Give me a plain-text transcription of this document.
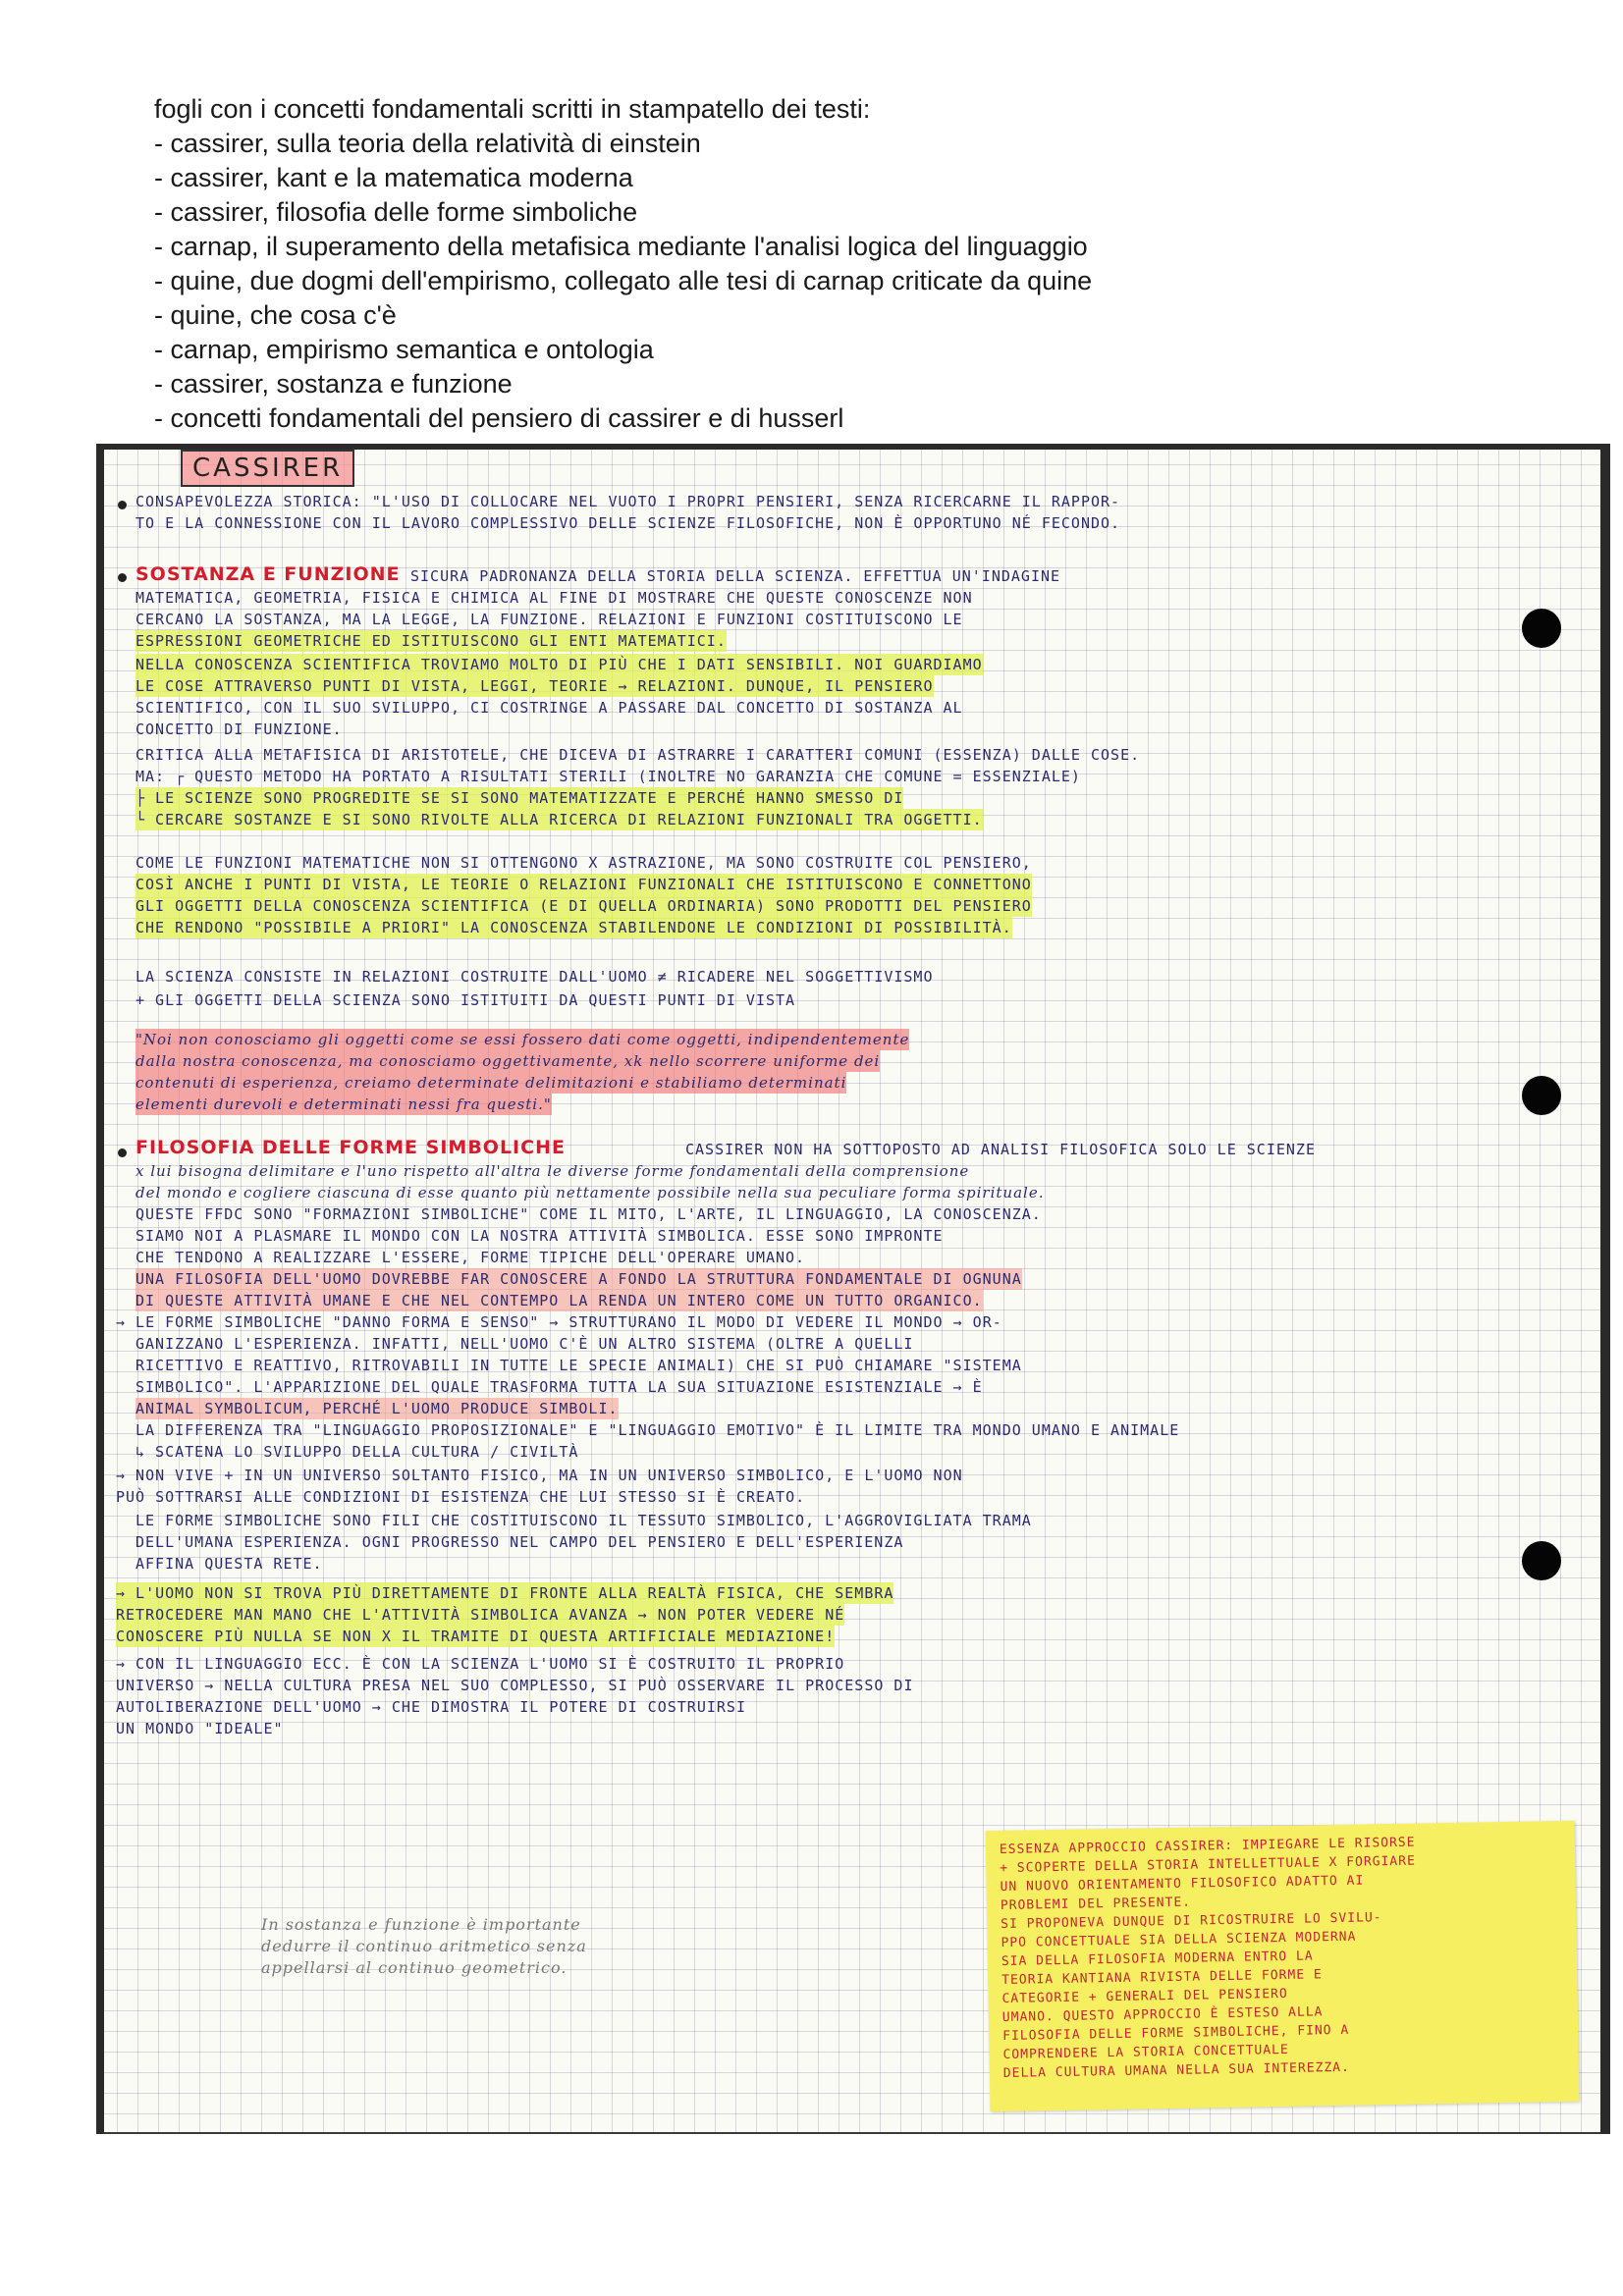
fogli con i concetti fondamentali scritti in stampatello dei testi:
- cassirer, sulla teoria della relatività di einstein
- cassirer, kant e la matematica moderna
- cassirer, filosofia delle forme simboliche
- carnap, il superamento della metafisica mediante l'analisi logica del linguaggio
- quine, due dogmi dell'empirismo, collegato alle tesi di carnap criticate da quine
- quine, che cosa c'è
- carnap, empirismo semantica e ontologia
- cassirer, sostanza e funzione
- concetti fondamentali del pensiero di cassirer e di husserl
CASSIRER
CONSAPEVOLEZZA STORICA: "L'USO DI COLLOCARE NEL VUOTO I PROPRI PENSIERI, SENZA RICERCARNE IL RAPPOR-
TO E LA CONNESSIONE CON IL LAVORO COMPLESSIVO DELLE SCIENZE FILOSOFICHE, NON È OPPORTUNO NÉ FECONDO.
SOSTANZA E FUNZIONE SICURA PADRONANZA DELLA STORIA DELLA SCIENZA. EFFETTUA UN'INDAGINE
MATEMATICA, GEOMETRIA, FISICA E CHIMICA AL FINE DI MOSTRARE CHE QUESTE CONOSCENZE NON
CERCANO LA SOSTANZA, MA LA LEGGE, LA FUNZIONE. RELAZIONI E FUNZIONI COSTITUISCONO LE
ESPRESSIONI GEOMETRICHE ED ISTITUISCONO GLI ENTI MATEMATICI.
NELLA CONOSCENZA SCIENTIFICA TROVIAMO MOLTO DI PIÙ CHE I DATI SENSIBILI. NOI GUARDIAMO
LE COSE ATTRAVERSO PUNTI DI VISTA, LEGGI, TEORIE → RELAZIONI. DUNQUE, IL PENSIERO
SCIENTIFICO, CON IL SUO SVILUPPO, CI COSTRINGE A PASSARE DAL CONCETTO DI SOSTANZA AL
CONCETTO DI FUNZIONE.
CRITICA ALLA METAFISICA DI ARISTOTELE, CHE DICEVA DI ASTRARRE I CARATTERI COMUNI (ESSENZA) DALLE COSE.
MA: ┌ QUESTO METODO HA PORTATO A RISULTATI STERILI (INOLTRE NO GARANZIA CHE COMUNE = ESSENZIALE)
├ LE SCIENZE SONO PROGREDITE SE SI SONO MATEMATIZZATE E PERCHÉ HANNO SMESSO DI
└ CERCARE SOSTANZE E SI SONO RIVOLTE ALLA RICERCA DI RELAZIONI FUNZIONALI TRA OGGETTI.
COME LE FUNZIONI MATEMATICHE NON SI OTTENGONO X ASTRAZIONE, MA SONO COSTRUITE COL PENSIERO,
COSÌ ANCHE I PUNTI DI VISTA, LE TEORIE O RELAZIONI FUNZIONALI CHE ISTITUISCONO E CONNETTONO
GLI OGGETTI DELLA CONOSCENZA SCIENTIFICA (E DI QUELLA ORDINARIA) SONO PRODOTTI DEL PENSIERO
CHE RENDONO "POSSIBILE A PRIORI" LA CONOSCENZA STABILENDONE LE CONDIZIONI DI POSSIBILITÀ.
LA SCIENZA CONSISTE IN RELAZIONI COSTRUITE DALL'UOMO ≠ RICADERE NEL SOGGETTIVISMO
+ GLI OGGETTI DELLA SCIENZA SONO ISTITUITI DA QUESTI PUNTI DI VISTA
"Noi non conosciamo gli oggetti come se essi fossero dati come oggetti, indipendentemente
dalla nostra conoscenza, ma conosciamo oggettivamente, xk nello scorrere uniforme dei
contenuti di esperienza, creiamo determinate delimitazioni e stabiliamo determinati
elementi durevoli e determinati nessi fra questi."
FILOSOFIA DELLE FORME SIMBOLICHE	CASSIRER NON HA SOTTOPOSTO AD ANALISI FILOSOFICA SOLO LE SCIENZE
x lui bisogna delimitare e l'uno rispetto all'altra le diverse forme fondamentali della comprensione
del mondo e cogliere ciascuna di esse quanto più nettamente possibile nella sua peculiare forma spirituale.
QUESTE FFDC SONO "FORMAZIONI SIMBOLICHE" COME IL MITO, L'ARTE, IL LINGUAGGIO, LA CONOSCENZA.
SIAMO NOI A PLASMARE IL MONDO CON LA NOSTRA ATTIVITÀ SIMBOLICA. ESSE SONO IMPRONTE
CHE TENDONO A REALIZZARE L'ESSERE, FORME TIPICHE DELL'OPERARE UMANO.
UNA FILOSOFIA DELL'UOMO DOVREBBE FAR CONOSCERE A FONDO LA STRUTTURA FONDAMENTALE DI OGNUNA
DI QUESTE ATTIVITÀ UMANE E CHE NEL CONTEMPO LA RENDA UN INTERO COME UN TUTTO ORGANICO.
→ LE FORME SIMBOLICHE "DANNO FORMA E SENSO" → STRUTTURANO IL MODO DI VEDERE IL MONDO → OR-
GANIZZANO L'ESPERIENZA. INFATTI, NELL'UOMO C'È UN ALTRO SISTEMA (OLTRE A QUELLI
RICETTIVO E REATTIVO, RITROVABILI IN TUTTE LE SPECIE ANIMALI) CHE SI PUÒ CHIAMARE "SISTEMA
SIMBOLICO". L'APPARIZIONE DEL QUALE TRASFORMA TUTTA LA SUA SITUAZIONE ESISTENZIALE → È
ANIMAL SYMBOLICUM, PERCHÉ L'UOMO PRODUCE SIMBOLI.
LA DIFFERENZA TRA "LINGUAGGIO PROPOSIZIONALE" E "LINGUAGGIO EMOTIVO" È IL LIMITE TRA MONDO UMANO E ANIMALE
↳ SCATENA LO SVILUPPO DELLA CULTURA / CIVILTÀ
→ NON VIVE + IN UN UNIVERSO SOLTANTO FISICO, MA IN UN UNIVERSO SIMBOLICO, E L'UOMO NON
PUÒ SOTTRARSI ALLE CONDIZIONI DI ESISTENZA CHE LUI STESSO SI È CREATO.
LE FORME SIMBOLICHE SONO FILI CHE COSTITUISCONO IL TESSUTO SIMBOLICO, L'AGGROVIGLIATA TRAMA
DELL'UMANA ESPERIENZA. OGNI PROGRESSO NEL CAMPO DEL PENSIERO E DELL'ESPERIENZA
AFFINA QUESTA RETE.
→ L'UOMO NON SI TROVA PIÙ DIRETTAMENTE DI FRONTE ALLA REALTÀ FISICA, CHE SEMBRA
RETROCEDERE MAN MANO CHE L'ATTIVITÀ SIMBOLICA AVANZA → NON POTER VEDERE NÉ
CONOSCERE PIÙ NULLA SE NON X IL TRAMITE DI QUESTA ARTIFICIALE MEDIAZIONE!
→ CON IL LINGUAGGIO ECC. È CON LA SCIENZA L'UOMO SI È COSTRUITO IL PROPRIO
UNIVERSO → NELLA CULTURA PRESA NEL SUO COMPLESSO, SI PUÒ OSSERVARE IL PROCESSO DI
AUTOLIBERAZIONE DELL'UOMO → CHE DIMOSTRA IL POTERE DI COSTRUIRSI
UN MONDO "IDEALE"
In sostanza e funzione è importante
dedurre il continuo aritmetico senza
appellarsi al continuo geometrico.
ESSENZA APPROCCIO CASSIRER: IMPIEGARE LE RISORSE
+ SCOPERTE DELLA STORIA INTELLETTUALE X FORGIARE
UN NUOVO ORIENTAMENTO FILOSOFICO ADATTO AI
PROBLEMI DEL PRESENTE.
SI PROPONEVA DUNQUE DI RICOSTRUIRE LO SVILU-
PPO CONCETTUALE SIA DELLA SCIENZA MODERNA
SIA DELLA FILOSOFIA MODERNA ENTRO LA
TEORIA KANTIANA RIVISTA DELLE FORME E
CATEGORIE + GENERALI DEL PENSIERO
UMANO. QUESTO APPROCCIO È ESTESO ALLA
FILOSOFIA DELLE FORME SIMBOLICHE, FINO A
COMPRENDERE LA STORIA CONCETTUALE
DELLA CULTURA UMANA NELLA SUA INTEREZZA.
